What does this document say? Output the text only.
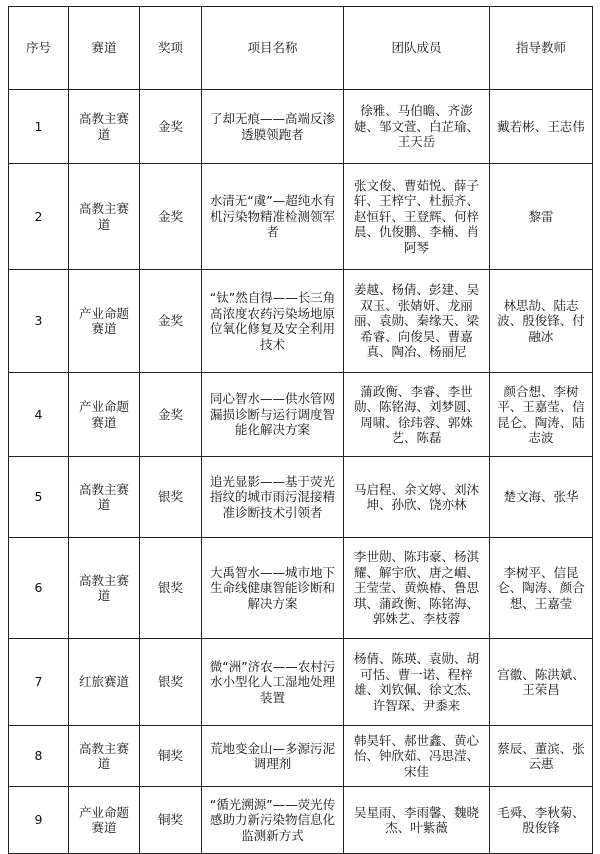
序号	赛道	奖项	项目名称	团队成员	指导教师
1	高教主赛道	金奖	了却无痕——高端反渗透膜领跑者	徐雅、马伯瞻、齐澎婕、邹文萱、白芷瑜、王天岳	戴若彬、王志伟
2	高教主赛道	金奖	水清无“虞”—超纯水有机污染物精准检测领军者	张文俊、曹茹悦、薛子轩、王梓宁、杜振齐、赵恒轩、王登辉、何梓晨、仇俊鹏、李楠、肖阿琴	黎雷
3	产业命题赛道	金奖	“钛”然自得——长三角高浓度农药污染场地原位氧化修复及安全利用技术	姜越、杨倩、彭建、吴双玉、张婧妍、龙丽丽、袁勋、秦缘天、梁希睿、向俊昊、曹嘉真、陶冶、杨丽尼	林思劼、陆志波、殷俊锋、付融冰
4	产业命题赛道	金奖	同心智水——供水管网漏损诊断与运行调度智能化解决方案	蒲政衡、李睿、李世勋、陈铭海、刘梦圆、周啸、徐玮蓉、郭姝艺、陈磊	颜合想、李树平、王嘉莹、信昆仑、陶涛、陆志波
5	高教主赛道	银奖	追光显影——基于荧光指纹的城市雨污混接精准诊断技术引领者	马启程、余文婷、刘沐坤、孙欣、饶亦林	楚文海、张华
6	高教主赛道	银奖	大禹智水——城市地下生命线健康智能诊断和解决方案	李世勋、陈玮豪、杨淇耀、解宇欣、唐之嵋、王莹莹、黄焕椿、鲁思琪、蒲政衡、陈铭海、郭姝艺、李枝蓉	李树平、信昆仑、陶涛、颜合想、王嘉莹
7	红旅赛道	银奖	微“洲”济农——农村污水小型化人工湿地处理装置	杨倩、陈瑛、袁勋、胡可恬、曹一诺、程梓雄、刘钦佩、徐文杰、许智琛、尹黍来	宫徽、陈洪斌、王荣昌
8	高教主赛道	铜奖	荒地变金山—多源污泥调理剂	韩昊轩、郝世鑫、黄心怡、钟欣茹、冯思滢、宋佳	蔡辰、董滨、张云惠
9	产业命题赛道	铜奖	“循光溯源”——荧光传感助力新污染物信息化监测新方式	吴星雨、李雨馨、魏晓杰、叶紫薇	毛舜、李秋菊、殷俊锋
